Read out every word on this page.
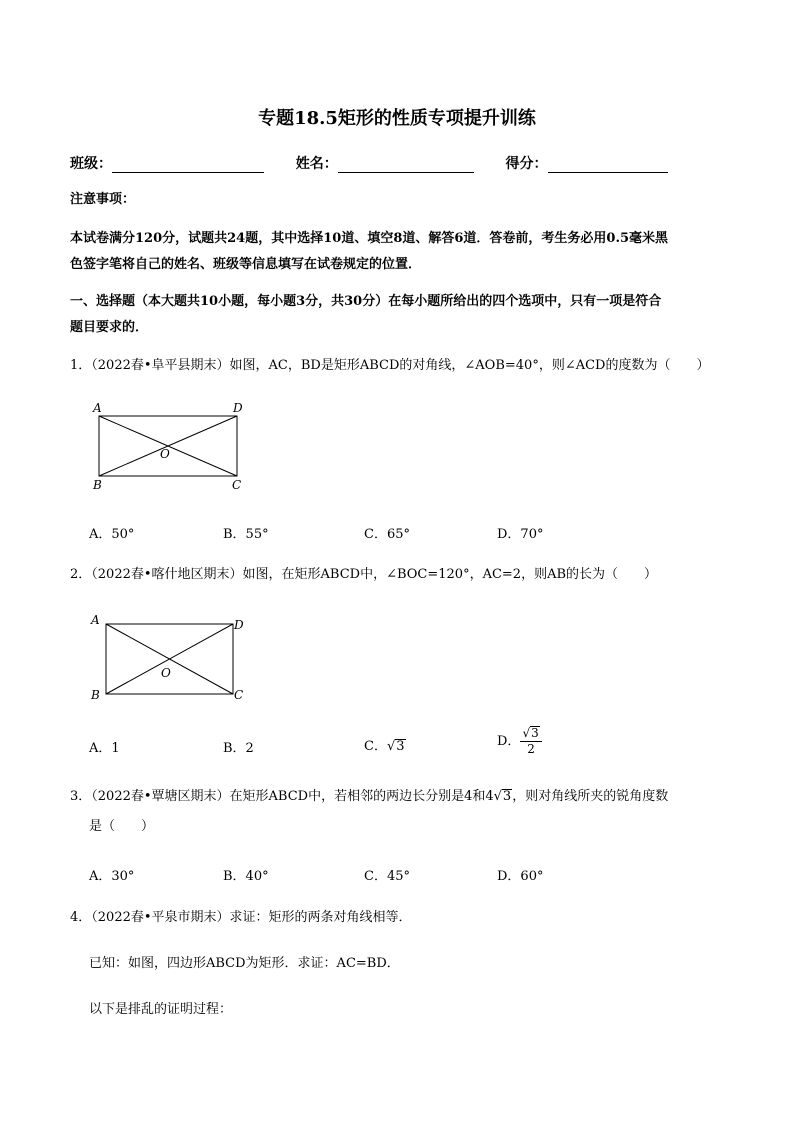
专题18.5矩形的性质专项提升训练
班级：	姓名：	得分：
注意事项：
本试卷满分120分，试题共24题，其中选择10道、填空8道、解答6道．答卷前，考生务必用0.5毫米黑
色签字笔将自己的姓名、班级等信息填写在试卷规定的位置．
一、选择题（本大题共10小题，每小题3分，共30分）在每小题所给出的四个选项中，只有一项是符合
题目要求的．
1．（2022春•阜平县期末）如图，AC，BD是矩形ABCD的对角线，∠AOB=40°，则∠ACD的度数为（　　）
A	D
B	C
O
A．50°	B．55°	C．65°	D．70°
2．（2022春•喀什地区期末）如图，在矩形ABCD中，∠BOC=120°，AC=2，则AB的长为（　　）
A	D
B	C
O
A．1	B．2	C．√3	D． $\frac{√3}{2}$
3．（2022春•覃塘区期末）在矩形ABCD中，若相邻的两边长分别是4和4√3，则对角线所夹的锐角度数
是（　　）
A．30°	B．40°	C．45°	D．60°
4．（2022春•平泉市期末）求证：矩形的两条对角线相等．
已知：如图，四边形ABCD为矩形．求证：AC=BD．
以下是排乱的证明过程：
